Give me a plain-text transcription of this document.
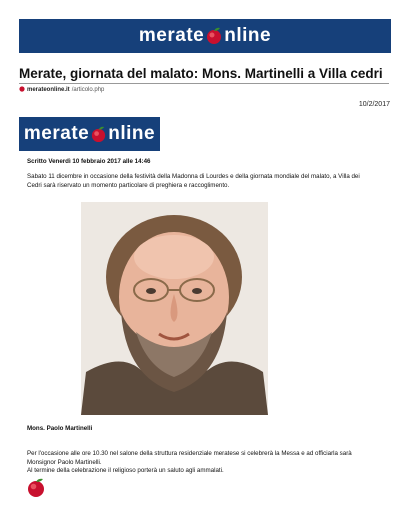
merate nline
Merate, giornata del malato: Mons. Martinelli a Villa cedri
merateonline.it /articolo.php
10/2/2017
merate nline

Scritto Venerdì 10 febbraio 2017 alle 14:46

Sabato 11 dicembre in occasione della festività della Madonna di Lourdes e della giornata mondiale del malato, a Villa dei Cedri sarà riservato un momento particolare di preghiera e raccoglimento.

Mons. Paolo Martinelli

Per l'occasione alle ore 10.30 nel salone della struttura residenziale meratese si celebrerà la Messa e ad officiarla sarà Monsignor Paolo Martinelli.
Al termine della celebrazione il religioso porterà un saluto agli ammalati.
